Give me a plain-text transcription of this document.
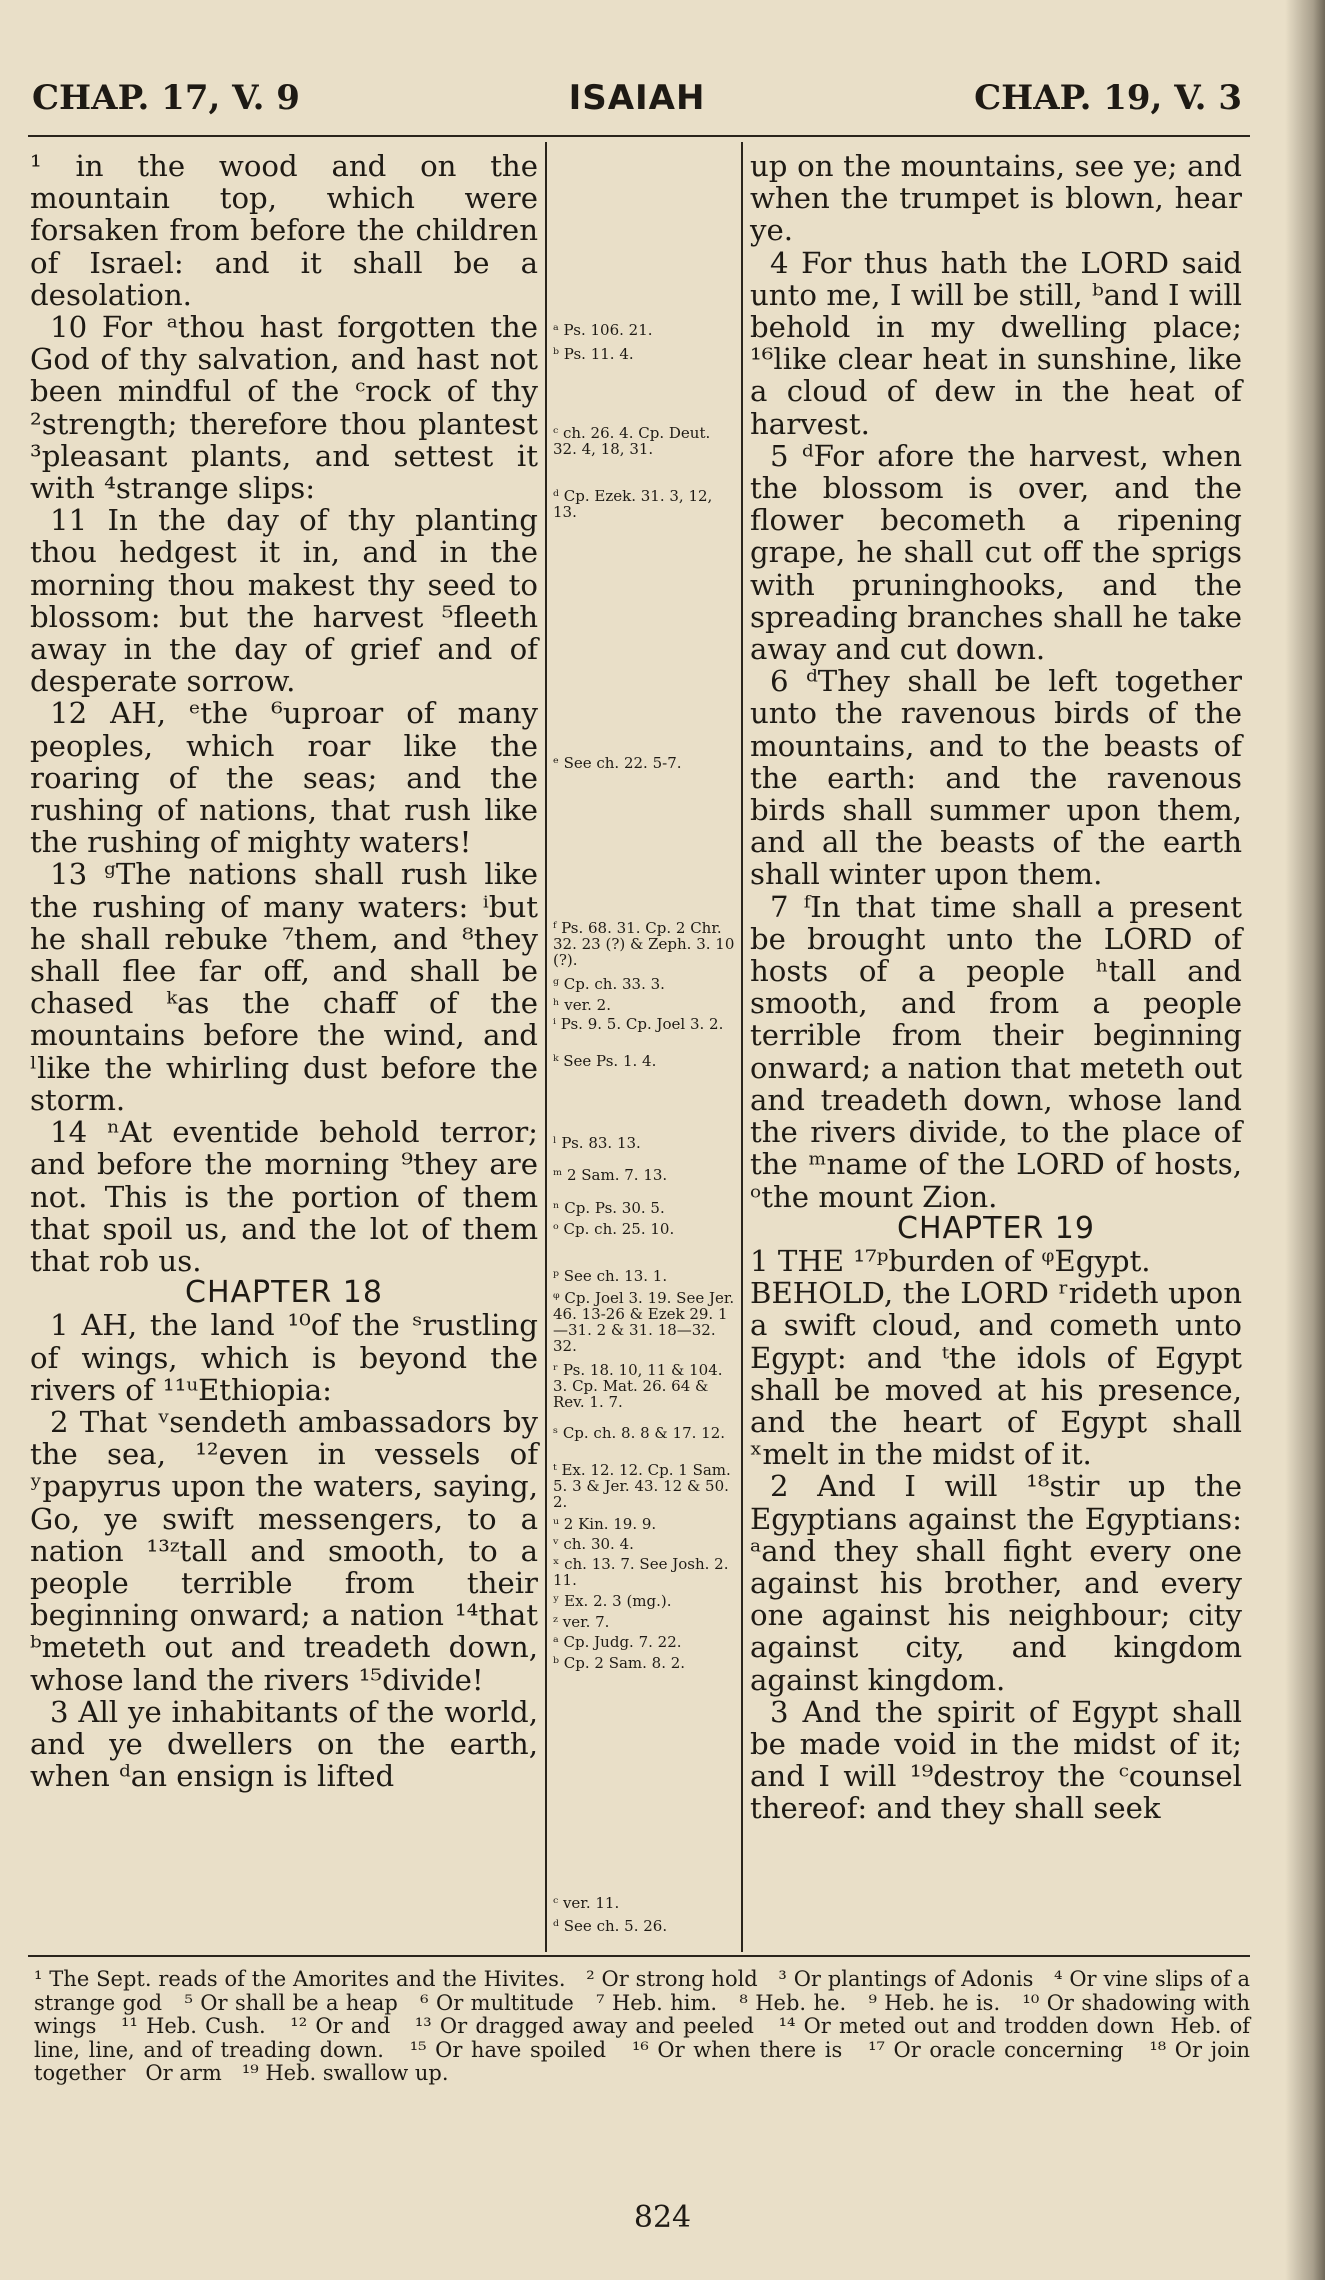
CHAP. 17, V. 9	ISAIAH	CHAP. 19, V. 3

¹ in the wood and on the mountain top, which were forsaken from before the children of Israel: and it shall be a desolation.

10 For ᵃthou hast forgotten the God of thy salvation, and hast not been mindful of the ᶜrock of thy ²strength; therefore thou plantest ³pleasant plants, and settest it with ⁴strange slips:

11 In the day of thy planting thou hedgest it in, and in the morning thou makest thy seed to blossom: but the harvest ⁵fleeth away in the day of grief and of desperate sorrow.

12 AH, ᵉthe ⁶uproar of many peoples, which roar like the roaring of the seas; and the rushing of nations, that rush like the rushing of mighty waters!

13 ᵍThe nations shall rush like the rushing of many waters: ⁱbut he shall rebuke ⁷them, and ⁸they shall flee far off, and shall be chased ᵏas the chaff of the mountains before the wind, and ˡlike the whirling dust before the storm.

14 ⁿAt eventide behold terror; and before the morning ⁹they are not. This is the portion of them that spoil us, and the lot of them that rob us.

CHAPTER 18

1 AH, the land ¹⁰of the ˢrustling of wings, which is beyond the rivers of ¹¹ᵘEthiopia:

2 That ᵛsendeth ambassadors by the sea, ¹²even in vessels of ʸpapyrus upon the waters, saying, Go, ye swift messengers, to a nation ¹³ᶻtall and smooth, to a people terrible from their beginning onward; a nation ¹⁴that ᵇmeteth out and treadeth down, whose land the rivers ¹⁵divide!

3 All ye inhabitants of the world, and ye dwellers on the earth, when ᵈan ensign is lifted

ᵃ Ps. 106. 21.

ᵇ Ps. 11. 4.

ᶜ ch. 26. 4. Cp. Deut. 32. 4, 18, 31.

ᵈ Cp. Ezek. 31. 3, 12, 13.

ᵉ See ch. 22. 5-7.

ᶠ Ps. 68. 31. Cp. 2 Chr. 32. 23 (?) & Zeph. 3. 10 (?).

ᵍ Cp. ch. 33. 3.

ʰ ver. 2.

ⁱ Ps. 9. 5. Cp. Joel 3. 2.

ᵏ See Ps. 1. 4.

ˡ Ps. 83. 13.

ᵐ 2 Sam. 7. 13.

ⁿ Cp. Ps. 30. 5.

ᵒ Cp. ch. 25. 10.

ᵖ See ch. 13. 1.

ᵠ Cp. Joel 3. 19. See Jer. 46. 13-26 & Ezek 29. 1—31. 2 & 31. 18—32. 32.

ʳ Ps. 18. 10, 11 & 104. 3. Cp. Mat. 26. 64 & Rev. 1. 7.

ˢ Cp. ch. 8. 8 & 17. 12.

ᵗ Ex. 12. 12. Cp. 1 Sam. 5. 3 & Jer. 43. 12 & 50. 2.

ᵘ 2 Kin. 19. 9.

ᵛ ch. 30. 4.

ˣ ch. 13. 7. See Josh. 2. 11.

ʸ Ex. 2. 3 (mg.).

ᶻ ver. 7.

ᵃ Cp. Judg. 7. 22.

ᵇ Cp. 2 Sam. 8. 2.

ᶜ ver. 11.

ᵈ See ch. 5. 26.

up on the mountains, see ye; and when the trumpet is blown, hear ye.

4 For thus hath the LORD said unto me, I will be still, ᵇand I will behold in my dwelling place; ¹⁶like clear heat in sunshine, like a cloud of dew in the heat of harvest.

5 ᵈFor afore the harvest, when the blossom is over, and the flower becometh a ripening grape, he shall cut off the sprigs with pruninghooks, and the spreading branches shall he take away and cut down.

6 ᵈThey shall be left together unto the ravenous birds of the mountains, and to the beasts of the earth: and the ravenous birds shall summer upon them, and all the beasts of the earth shall winter upon them.

7 ᶠIn that time shall a present be brought unto the LORD of hosts of a people ʰtall and smooth, and from a people terrible from their beginning onward; a nation that meteth out and treadeth down, whose land the rivers divide, to the place of the ᵐname of the LORD of hosts, ᵒthe mount Zion.

CHAPTER 19

1 THE ¹⁷ᵖburden of ᵠEgypt.

BEHOLD, the LORD ʳrideth upon a swift cloud, and cometh unto Egypt: and ᵗthe idols of Egypt shall be moved at his presence, and the heart of Egypt shall ˣmelt in the midst of it.

2 And I will ¹⁸stir up the Egyptians against the Egyptians: ᵃand they shall fight every one against his brother, and every one against his neighbour; city against city, and kingdom against kingdom.

3 And the spirit of Egypt shall be made void in the midst of it; and I will ¹⁹destroy the ᶜcounsel thereof: and they shall seek

¹ The Sept. reads of the Amorites and the Hivites. ² Or strong hold ³ Or plantings of Adonis ⁴ Or vine slips of a strange god ⁵ Or shall be a heap ⁶ Or multitude ⁷ Heb. him. ⁸ Heb. he. ⁹ Heb. he is. ¹⁰ Or shadowing with wings ¹¹ Heb. Cush. ¹² Or and ¹³ Or dragged away and peeled ¹⁴ Or meted out and trodden down Heb. of line, line, and of treading down. ¹⁵ Or have spoiled ¹⁶ Or when there is ¹⁷ Or oracle concerning ¹⁸ Or join together Or arm ¹⁹ Heb. swallow up.

824
